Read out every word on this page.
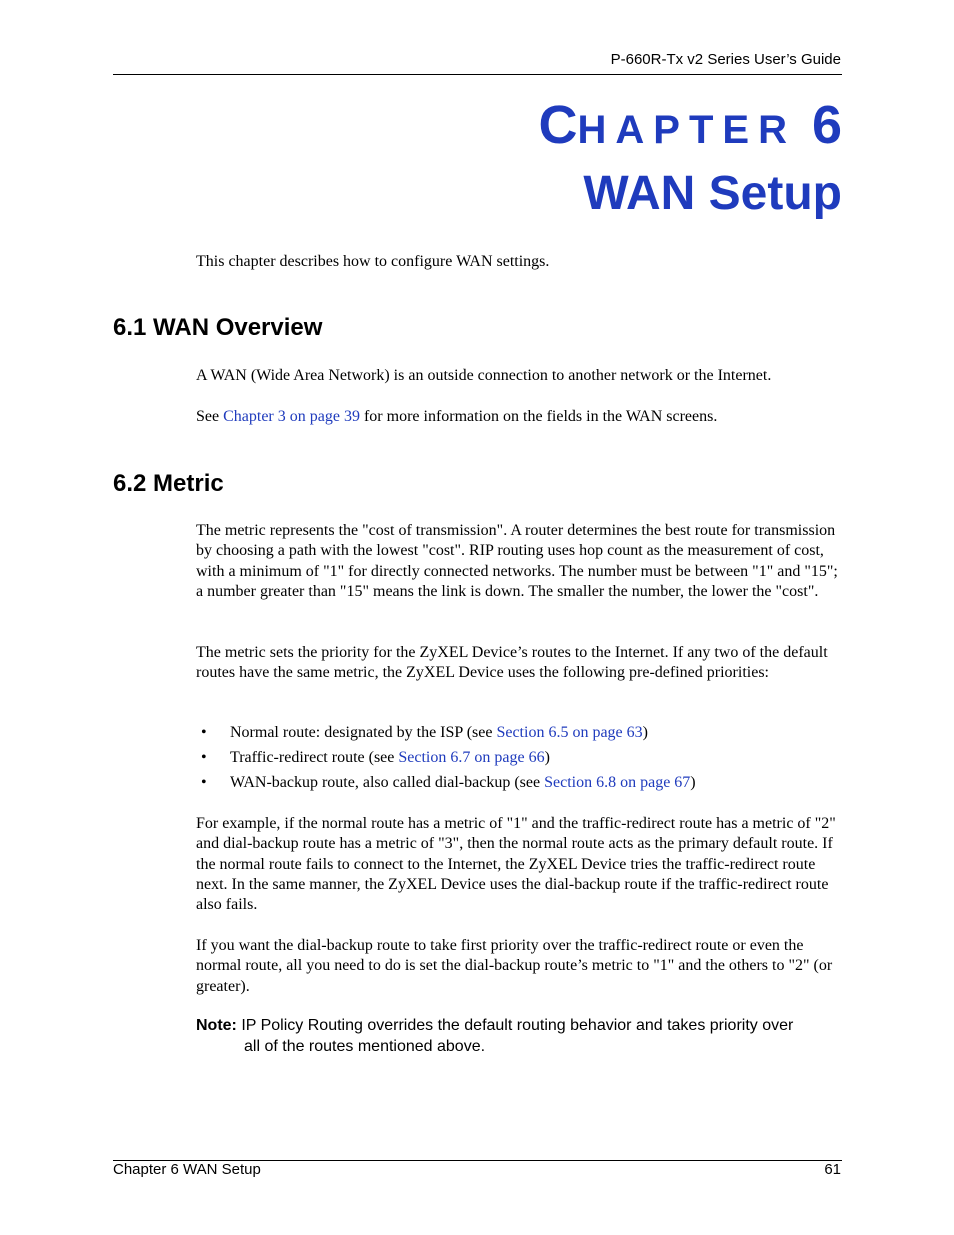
P-660R-Tx v2 Series User’s Guide
CHAPTER 6
WAN Setup

This chapter describes how to configure WAN settings.

6.1 WAN Overview

A WAN (Wide Area Network) is an outside connection to another network or the Internet.

See Chapter 3 on page 39 for more information on the fields in the WAN screens.

6.2 Metric

The metric represents the "cost of transmission". A router determines the best route for transmission by choosing a path with the lowest "cost". RIP routing uses hop count as the measurement of cost, with a minimum of "1" for directly connected networks. The number must be between "1" and "15"; a number greater than "15" means the link is down. The smaller the number, the lower the "cost".

The metric sets the priority for the ZyXEL Device’s routes to the Internet. If any two of the default routes have the same metric, the ZyXEL Device uses the following pre-defined priorities:

• Normal route: designated by the ISP (see Section 6.5 on page 63)
• Traffic-redirect route (see Section 6.7 on page 66)
• WAN-backup route, also called dial-backup (see Section 6.8 on page 67)

For example, if the normal route has a metric of "1" and the traffic-redirect route has a metric of "2" and dial-backup route has a metric of "3", then the normal route acts as the primary default route. If the normal route fails to connect to the Internet, the ZyXEL Device tries the traffic-redirect route next. In the same manner, the ZyXEL Device uses the dial-backup route if the traffic-redirect route also fails.

If you want the dial-backup route to take first priority over the traffic-redirect route or even the normal route, all you need to do is set the dial-backup route’s metric to "1" and the others to "2" (or greater).

Note: IP Policy Routing overrides the default routing behavior and takes priority over
all of the routes mentioned above.
Chapter 6 WAN Setup	61
